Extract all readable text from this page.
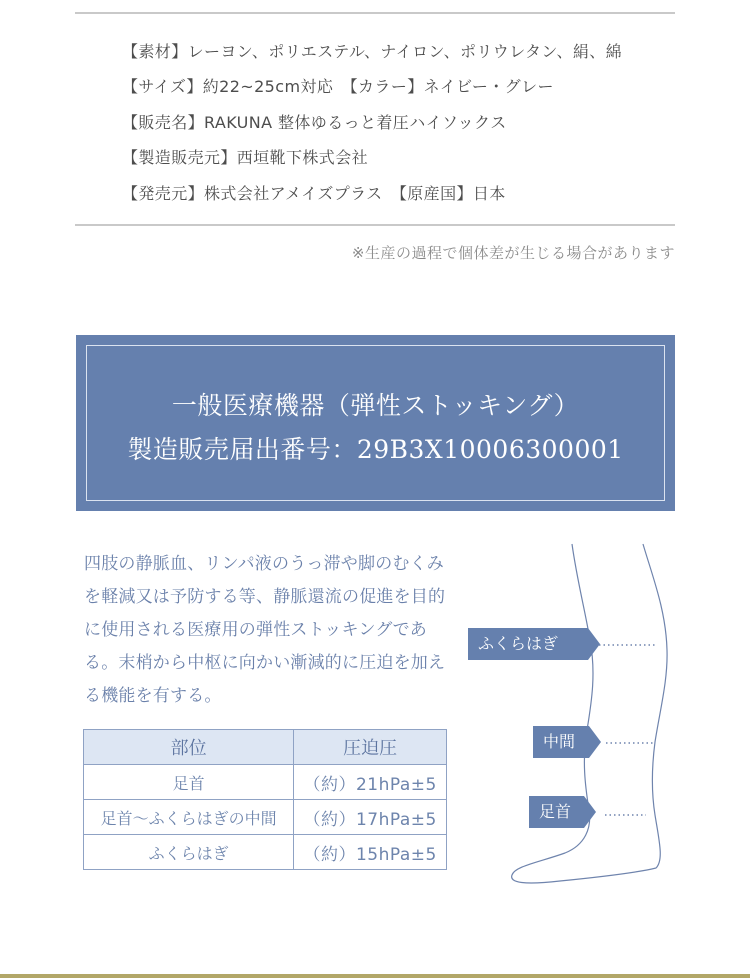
【素材】レーヨン、ポリエステル、ナイロン、ポリウレタン、絹、綿
【サイズ】約22~25cm対応　【カラー】ネイビー・グレー
【販売名】RAKUNA 整体ゆるっと着圧ハイソックス
【製造販売元】西垣靴下株式会社
【発売元】株式会社アメイズプラス　【原産国】日本
※生産の過程で個体差が生じる場合があります
一般医療機器（弾性ストッキング）
製造販売届出番号：29B3X10006300001

四肢の静脈血、リンパ液のうっ滞や脚のむくみを軽減又は予防する等、静脈還流の促進を目的に使用される医療用の弾性ストッキングである。末梢から中枢に向かい漸減的に圧迫を加える機能を有する。

部位	圧迫圧
足首	（約）21hPa±5
足首～ふくらはぎの中間	（約）17hPa±5
ふくらはぎ	（約）15hPa±5
ふくらはぎ
中間
足首
